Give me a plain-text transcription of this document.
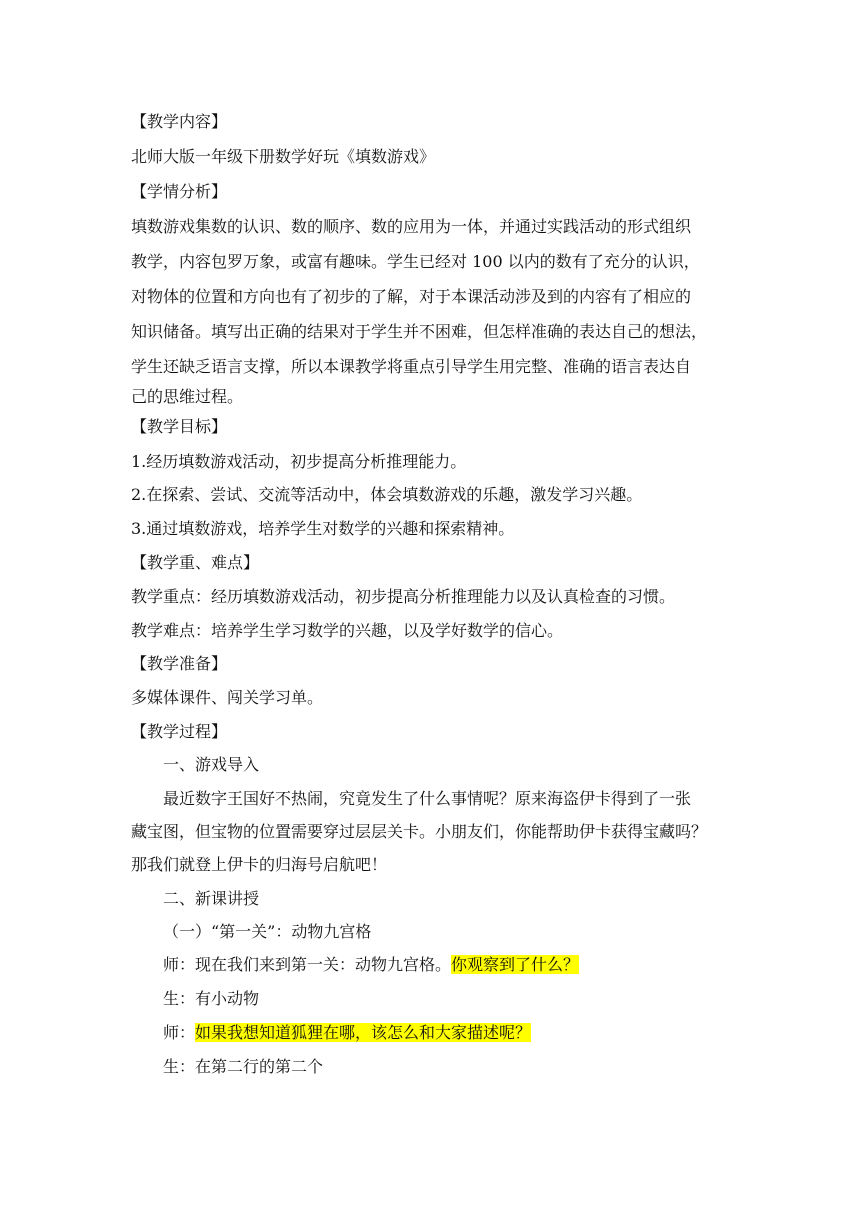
【教学内容】
北师大版一年级下册数学好玩《填数游戏》
【学情分析】
填数游戏集数的认识、数的顺序、数的应用为一体，并通过实践活动的形式组织
教学，内容包罗万象，或富有趣味。学生已经对 100 以内的数有了充分的认识，
对物体的位置和方向也有了初步的了解，对于本课活动涉及到的内容有了相应的
知识储备。填写出正确的结果对于学生并不困难，但怎样准确的表达自己的想法，
学生还缺乏语言支撑，所以本课教学将重点引导学生用完整、准确的语言表达自
己的思维过程。
【教学目标】
1.经历填数游戏活动，初步提高分析推理能力。
2.在探索、尝试、交流等活动中，体会填数游戏的乐趣，激发学习兴趣。
3.通过填数游戏，培养学生对数学的兴趣和探索精神。
【教学重、难点】
教学重点：经历填数游戏活动，初步提高分析推理能力以及认真检查的习惯。
教学难点：培养学生学习数学的兴趣，以及学好数学的信心。
【教学准备】
多媒体课件、闯关学习单。
【教学过程】
一、游戏导入
最近数字王国好不热闹，究竟发生了什么事情呢？原来海盗伊卡得到了一张
藏宝图，但宝物的位置需要穿过层层关卡。小朋友们，你能帮助伊卡获得宝藏吗？
那我们就登上伊卡的归海号启航吧！
二、新课讲授
（一）“第一关”：动物九宫格
师：现在我们来到第一关：动物九宫格。你观察到了什么？
生：有小动物
师：如果我想知道狐狸在哪，该怎么和大家描述呢？
生：在第二行的第二个
